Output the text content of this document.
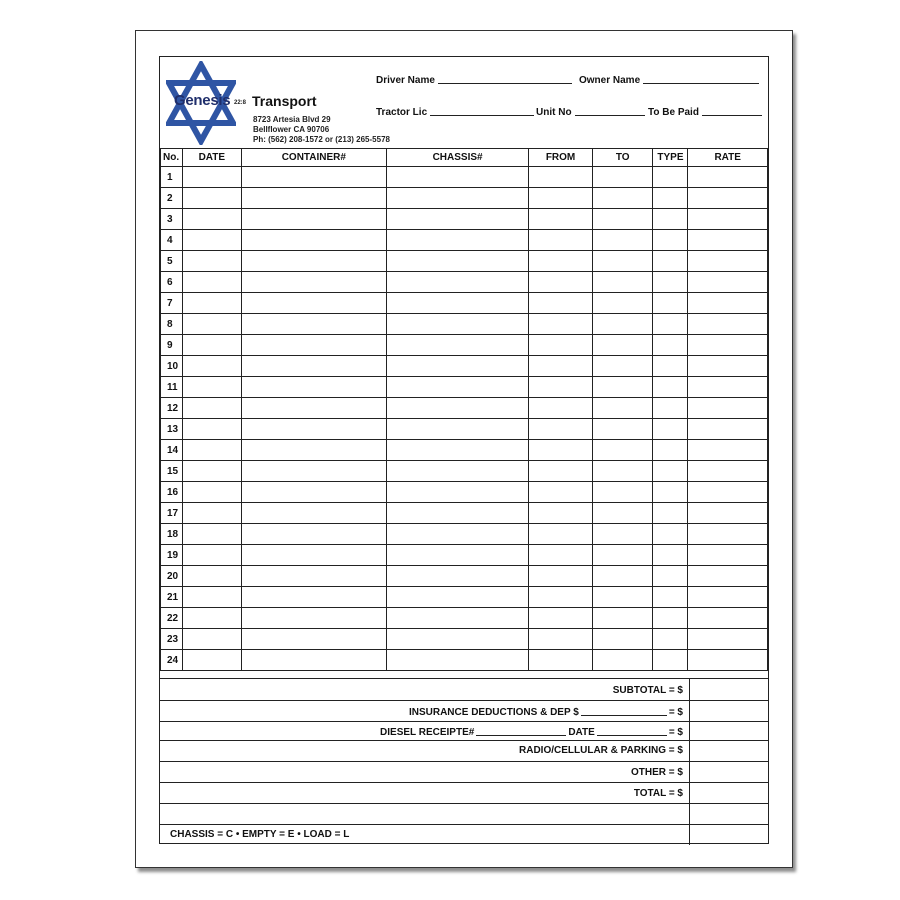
Genesis 22:8 Transport
8723 Artesia Blvd 29
Bellflower CA 90706
Ph: (562) 208-1572 or (213) 265-5578
Driver Name	Owner Name
Tractor Lic	Unit No	To Be Paid
No.	DATE	CONTAINER#	CHASSIS#	FROM	TO	TYPE	RATE
1							
2							
3							
4							
5							
6							
7							
8							
9							
10							
11							
12							
13							
14							
15							
16							
17							
18							
19							
20							
21							
22							
23							
24							
SUBTOTAL = $
INSURANCE DEDUCTIONS & DEP $	= $
DIESEL RECEIPTE#	DATE	= $
RADIO/CELLULAR & PARKING = $
OTHER = $
TOTAL = $
CHASSIS = C • EMPTY = E • LOAD = L
